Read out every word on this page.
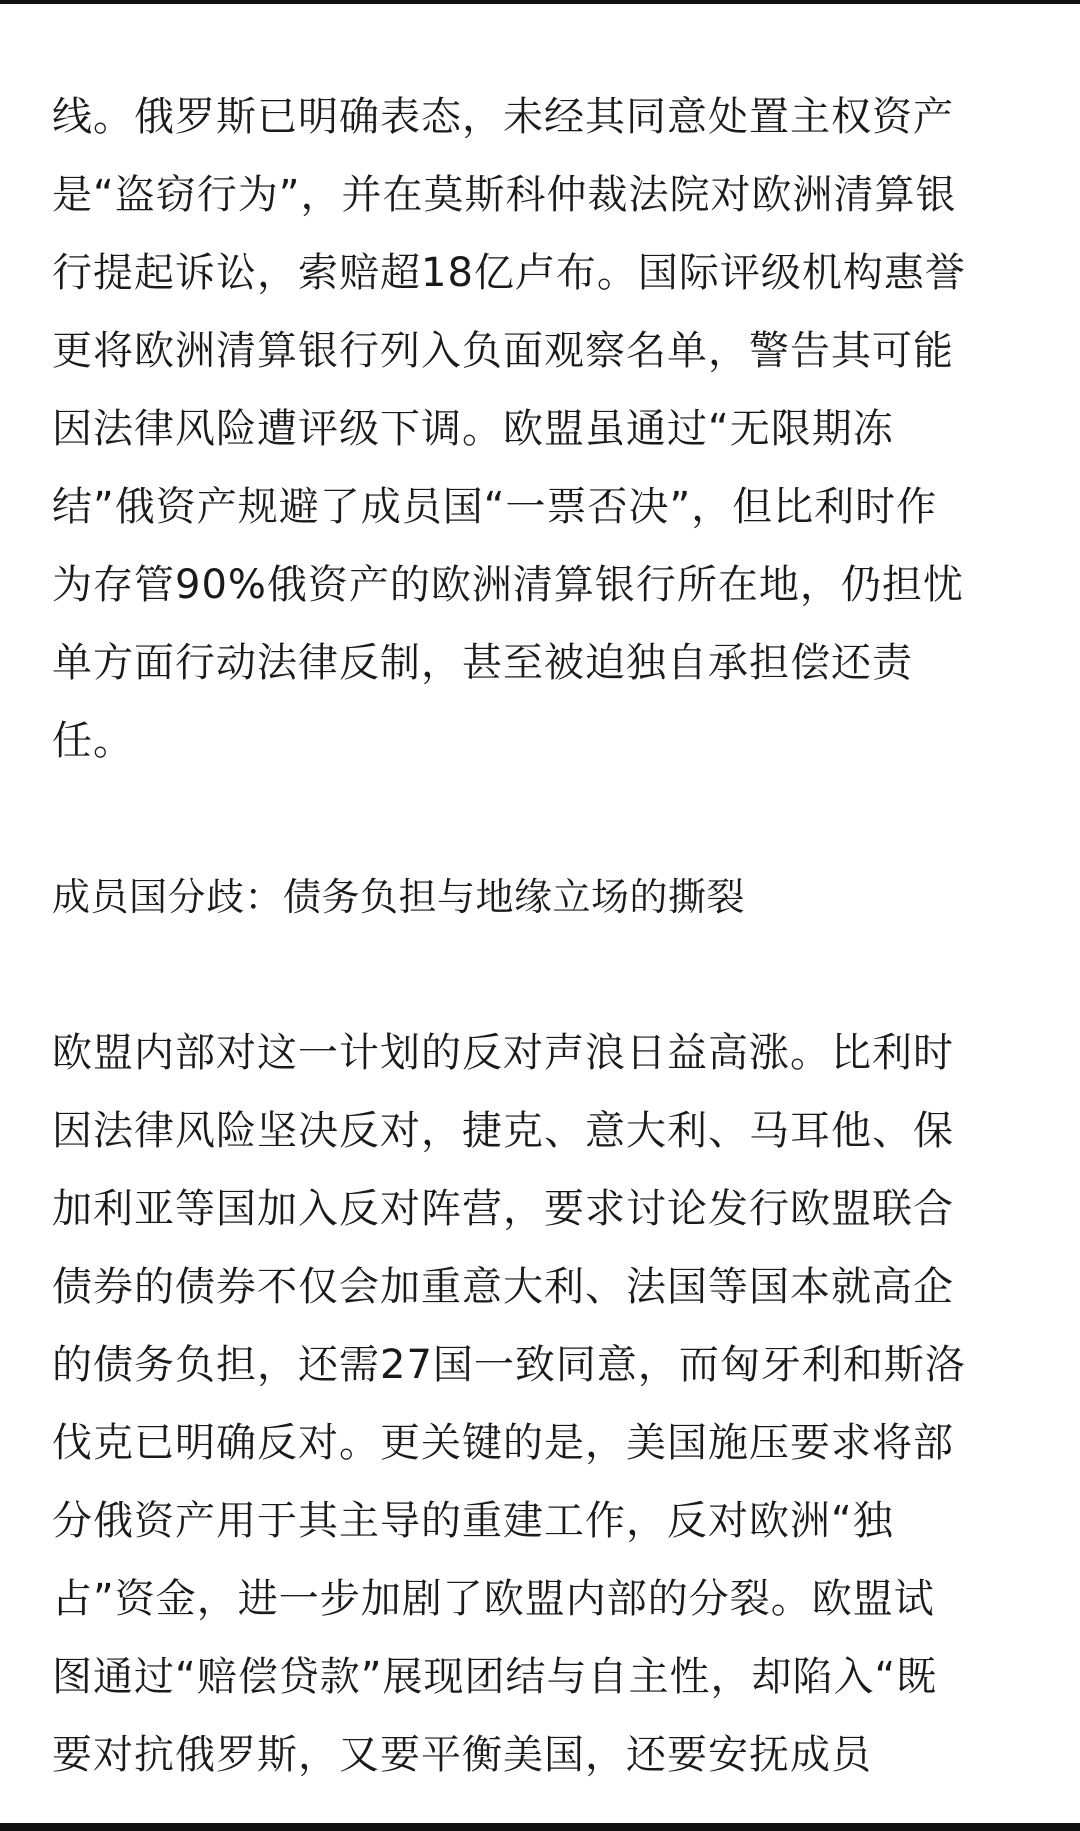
线。俄罗斯已明确表态，未经其同意处置主权资产
是“盗窃行为”，并在莫斯科仲裁法院对欧洲清算银
行提起诉讼，索赔超18亿卢布。国际评级机构惠誉
更将欧洲清算银行列入负面观察名单，警告其可能
因法律风险遭评级下调。欧盟虽通过“无限期冻
结”俄资产规避了成员国“一票否决”，但比利时作
为存管90%俄资产的欧洲清算银行所在地，仍担忧
单方面行动法律反制，甚至被迫独自承担偿还责
任。
成员国分歧：债务负担与地缘立场的撕裂
欧盟内部对这一计划的反对声浪日益高涨。比利时
因法律风险坚决反对，捷克、意大利、马耳他、保
加利亚等国加入反对阵营，要求讨论发行欧盟联合
债券的债券不仅会加重意大利、法国等国本就高企
的债务负担，还需27国一致同意，而匈牙利和斯洛
伐克已明确反对。更关键的是，美国施压要求将部
分俄资产用于其主导的重建工作，反对欧洲“独
占”资金，进一步加剧了欧盟内部的分裂。欧盟试
图通过“赔偿贷款”展现团结与自主性，却陷入“既
要对抗俄罗斯，又要平衡美国，还要安抚成员
